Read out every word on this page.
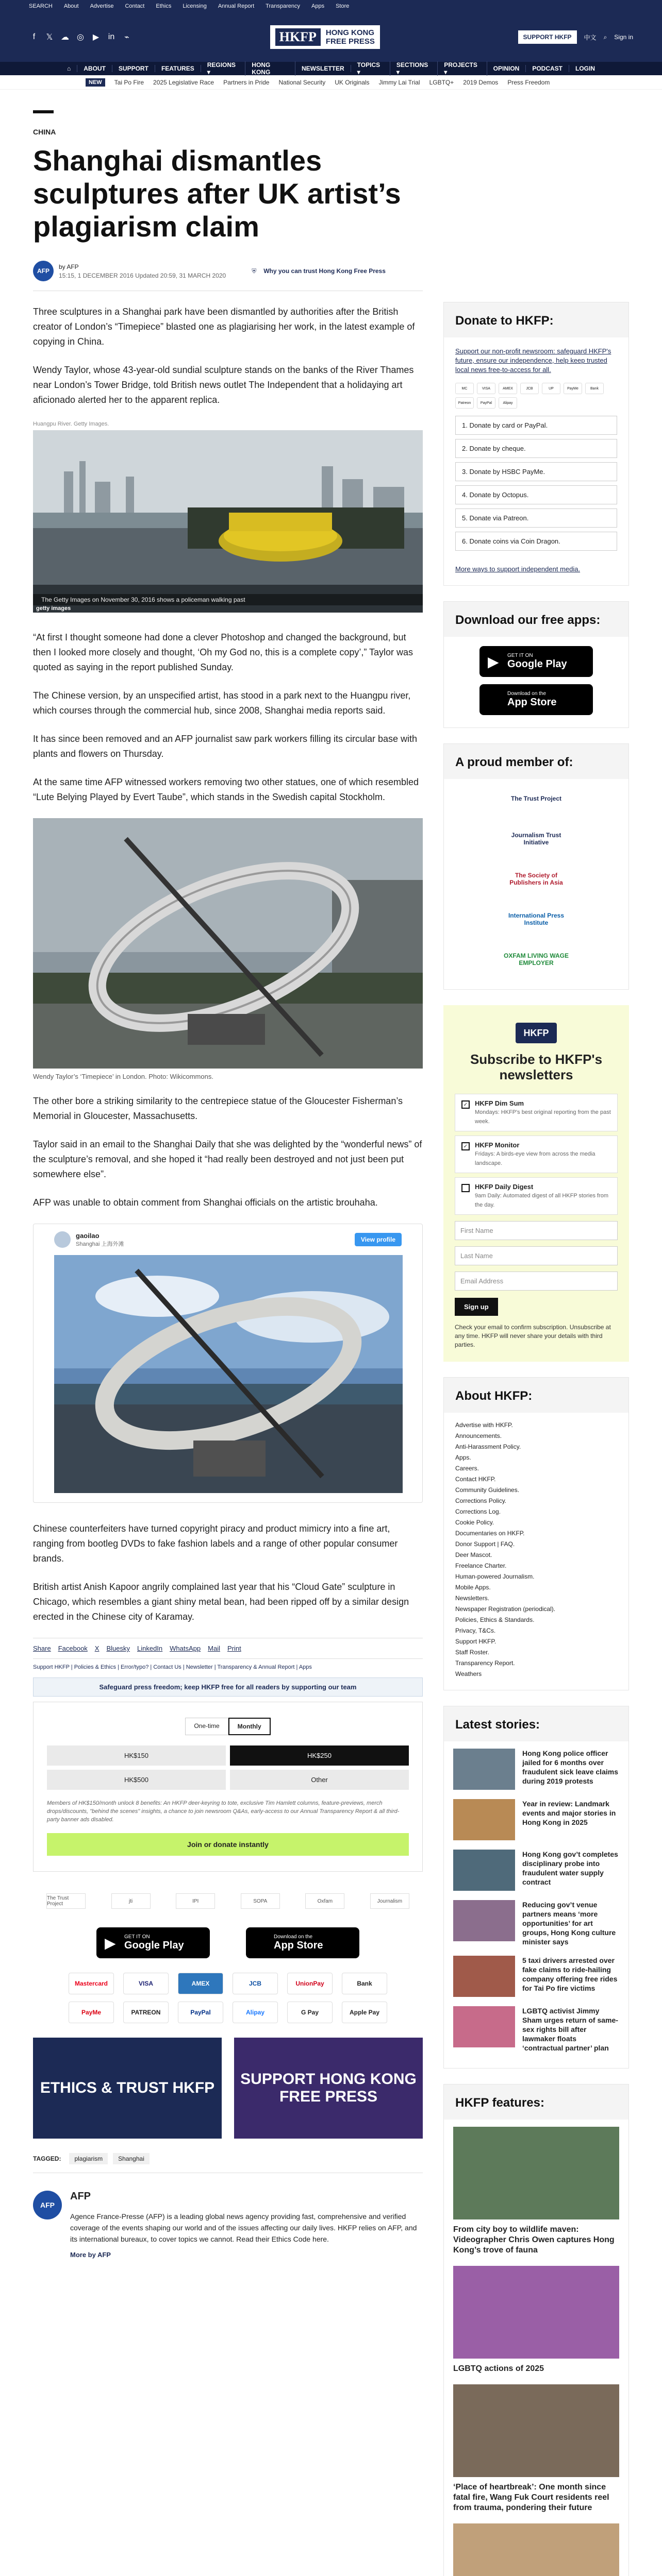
SEARCH About Advertise Contact Ethics Licensing Annual Report Transparency Apps Store
f	𝕏 ☁ ◎ ▶ in	⌁	HKFP	HONG KONG
FREE PRESS	SUPPORT HKFP	中文 ⌕ Sign in
⌂	ABOUT	SUPPORT	FEATURES	REGIONS ▾
HONG KONG	NEWSLETTER	TOPICS ▾
SECTIONS ▾
PROJECTS ▾	OPINION	PODCAST	LOGIN
NEW	Tai Po Fire 2025 Legislative Race Partners in Pride National Security UK Originals Jimmy Lai Trial LGBTQ+ 2019 Demos Press Freedom
CHINA
Shanghai dismantles sculptures after UK artist’s plagiarism claim
AFP
by AFP
15:15, 1 DECEMBER 2016 Updated 20:59, 31 MARCH 2020
⛨ Why you can trust Hong Kong Free Press

Three sculptures in a Shanghai park have been dismantled by authorities after the British creator of London’s “Timepiece” blasted one as plagiarising her work, in the latest example of copying in China.

Wendy Taylor, whose 43-year-old sundial sculpture stands on the banks of the River Thames near London’s Tower Bridge, told British news outlet The Independent that a holidaying art aficionado alerted her to the apparent replica.

Huangpu River. Getty Images.
The Getty Images on November 30, 2016 shows a policeman walking past
getty images

“At first I thought someone had done a clever Photoshop and changed the background, but then I looked more closely and thought, ‘Oh my God no, this is a complete copy’,” Taylor was quoted as saying in the report published Sunday.

The Chinese version, by an unspecified artist, has stood in a park next to the Huangpu river, which courses through the commercial hub, since 2008, Shanghai media reports said.

It has since been removed and an AFP journalist saw park workers filling its circular base with plants and flowers on Thursday.

At the same time AFP witnessed workers removing two other statues, one of which resembled “Lute Belying Played by Evert Taube”, which stands in the Swedish capital Stockholm.

Wendy Taylor’s ‘Timepiece’ in London. Photo: Wikicommons.

The other bore a striking similarity to the centrepiece statue of the Gloucester Fisherman’s Memorial in Gloucester, Massachusetts.

Taylor said in an email to the Shanghai Daily that she was delighted by the “wonderful news” of the sculpture’s removal, and she hoped it “had really been destroyed and not just been put somewhere else”.

AFP was unable to obtain comment from Shanghai officials on the artistic brouhaha.

gaoilao
Shanghai 上海外滩
View profile

Chinese counterfeiters have turned copyright piracy and product mimicry into a fine art, ranging from bootleg DVDs to fake fashion labels and a range of other popular consumer brands.

British artist Anish Kapoor angrily complained last year that his “Cloud Gate” sculpture in Chicago, which resembles a giant shiny metal bean, had been ripped off by a similar design erected in the Chinese city of Karamay.

Share Facebook X Bluesky LinkedIn WhatsApp Mail Print
Support HKFP | Policies & Ethics | Error/typo? | Contact Us | Newsletter | Transparency & Annual Report | Apps
Safeguard press freedom; keep HKFP free for all readers by supporting our team
One-time	Monthly
HK$150	HK$250
HK$500	Other
Members of HK$150/month unlock 8 benefits: An HKFP deer-keyring to tote, exclusive Tim Hamlett columns, feature-previews, merch drops/discounts, "behind the scenes" insights, a chance to join newsroom Q&As, early-access to our Annual Transparency Report & all third-party banner ads disabled.
Join or donate instantly
The Trust Project	jti	IPI	SOPA	Oxfam	Journalism
▶ GET IT ON
Google Play
Download on the
App Store
Mastercard	VISA	AMEX	JCB	UnionPay	Bank
PayMe	PATREON	PayPal	Alipay	G Pay	Apple Pay
ETHICS & TRUST HKFP
SUPPORT HONG KONG FREE PRESS
TAGGED:	plagiarism	Shanghai
AFP
AFP

Agence France-Presse (AFP) is a leading global news agency providing fast, comprehensive and verified coverage of the events shaping our world and of the issues affecting our daily lives. HKFP relies on AFP, and its international bureaux, to cover topics we cannot. Read their Ethics Code here.

More by AFP
Donate to HKFP:
Support our non-profit newsroom: safeguard HKFP's future, ensure our independence, help keep trusted local news free-to-access for all.
MC	VISA	AMEX	JCB	UP	PayMe	Bank
Patreon	PayPal	Alipay
1. Donate by card or PayPal.
2. Donate by cheque.
3. Donate by HSBC PayMe.
4. Donate by Octopus.
5. Donate via Patreon.
6. Donate coins via Coin Dragon.
More ways to support independent media.
Download our free apps:
▶ GET IT ON
Google Play
Download on the
App Store
A proud member of:
The Trust Project
Journalism Trust Initiative
The Society of Publishers in Asia
International Press Institute
OXFAM LIVING WAGE EMPLOYER
HKFP
Subscribe to HKFP's newsletters
✓ HKFP Dim Sum
Mondays: HKFP's best original reporting from the past week.
✓ HKFP Monitor
Fridays: A birds-eye view from across the media landscape.
HKFP Daily Digest
9am Daily: Automated digest of all HKFP stories from the day.
First Name
Last Name
Email Address
Sign up
Check your email to confirm subscription. Unsubscribe at any time. HKFP will never share your details with third parties.
About HKFP:
Advertise with HKFP.
Announcements.
Anti-Harassment Policy.
Apps.
Careers.
Contact HKFP.
Community Guidelines.
Corrections Policy.
Corrections Log.
Cookie Policy.
Documentaries on HKFP.
Donor Support | FAQ.
Deer Mascot.
Freelance Charter.
Human-powered Journalism.
Mobile Apps.
Newsletters.
Newspaper Registration (periodical).
Policies, Ethics & Standards.
Privacy, T&Cs.
Support HKFP.
Staff Roster.
Transparency Report.
Weathers
Latest stories:
Hong Kong police officer jailed for 6 months over fraudulent sick leave claims during 2019 protests
Year in review: Landmark events and major stories in Hong Kong in 2025
Hong Kong gov’t completes disciplinary probe into fraudulent water supply contract
Reducing gov’t venue partners means ‘more opportunities’ for art groups, Hong Kong culture minister says
5 taxi drivers arrested over fake claims to ride-hailing company offering free rides for Tai Po fire victims
LGBTQ activist Jimmy Sham urges return of same-sex rights bill after lawmaker floats ‘contractual partner’ plan
HKFP features:
From city boy to wildlife maven: Videographer Chris Owen captures Hong Kong’s trove of fauna
LGBTQ actions of 2025
‘Place of heartbreak’: One month since fatal fire, Wang Fuk Court residents reel from trauma, pondering their future
